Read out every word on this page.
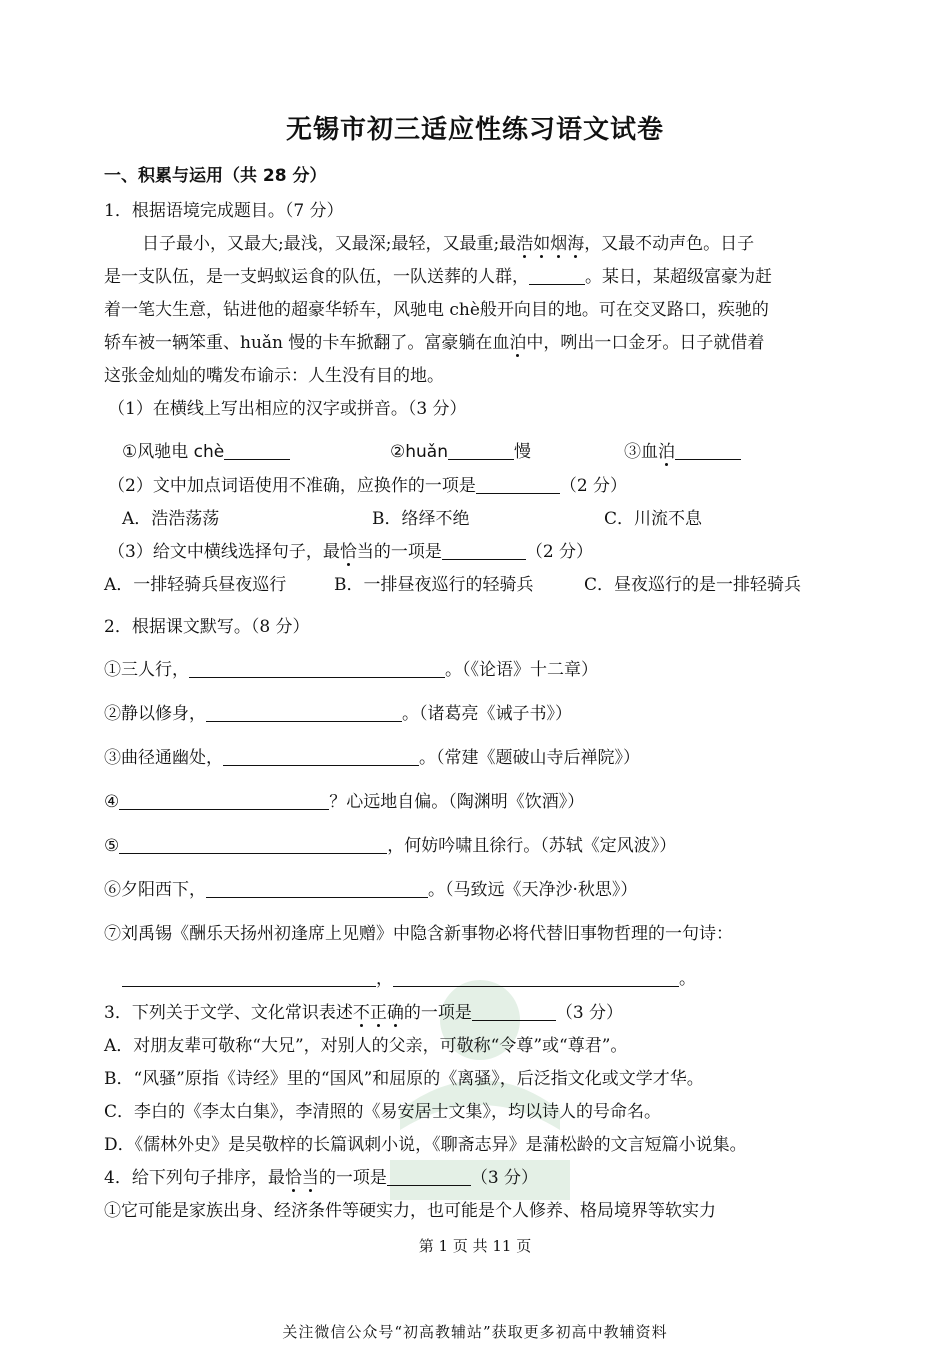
无锡市初三适应性练习语文试卷
一、积累与运用（共 28 分）
1．根据语境完成题目。（7 分）
日子最小，又最大;最浅，又最深;最轻，又最重;最浩如烟海，又最不动声色。日子
是一支队伍，是一支蚂蚁运食的队伍，一队送葬的人群，	。某日，某超级富豪为赶
着一笔大生意，钻进他的超豪华轿车，风驰电 chè般开向目的地。可在交叉路口，疾驰的
轿车被一辆笨重、huǎn 慢的卡车掀翻了。富豪躺在血泊中，咧出一口金牙。日子就借着
这张金灿灿的嘴发布谕示：人生没有目的地。
（1）在横线上写出相应的汉字或拼音。（3 分）
①风驰电 chè	②huǎn	慢	③血泊
（2）文中加点词语使用不准确，应换作的一项是	（2 分）
A．浩浩荡荡	B．络绎不绝	C．川流不息
（3）给文中横线选择句子，最恰当的一项是	（2 分）
A．一排轻骑兵昼夜巡行	B．一排昼夜巡行的轻骑兵	C．昼夜巡行的是一排轻骑兵
2．根据课文默写。（8 分）
①三人行，	。（《论语》十二章）
②静以修身，	。（诸葛亮《诫子书》）
③曲径通幽处，	。（常建《题破山寺后禅院》）
④	？心远地自偏。（陶渊明《饮酒》）
⑤	，何妨吟啸且徐行。（苏轼《定风波》）
⑥夕阳西下，	。（马致远《天净沙·秋思》）
⑦刘禹锡《酬乐天扬州初逢席上见赠》中隐含新事物必将代替旧事物哲理的一句诗：
，	。
3．下列关于文学、文化常识表述不正确的一项是	（3 分）
A．对朋友辈可敬称“大兄”，对别人的父亲，可敬称“令尊”或“尊君”。
B．“风骚”原指《诗经》里的“国风”和屈原的《离骚》，后泛指文化或文学才华。
C．李白的《李太白集》，李清照的《易安居士文集》，均以诗人的号命名。
D．《儒林外史》是吴敬梓的长篇讽刺小说，《聊斋志异》是蒲松龄的文言短篇小说集。
4．给下列句子排序，最恰当的一项是	（3 分）
①它可能是家族出身、经济条件等硬实力，也可能是个人修养、格局境界等软实力
第 1 页 共 11 页
关注微信公众号“初高教辅站”获取更多初高中教辅资料
